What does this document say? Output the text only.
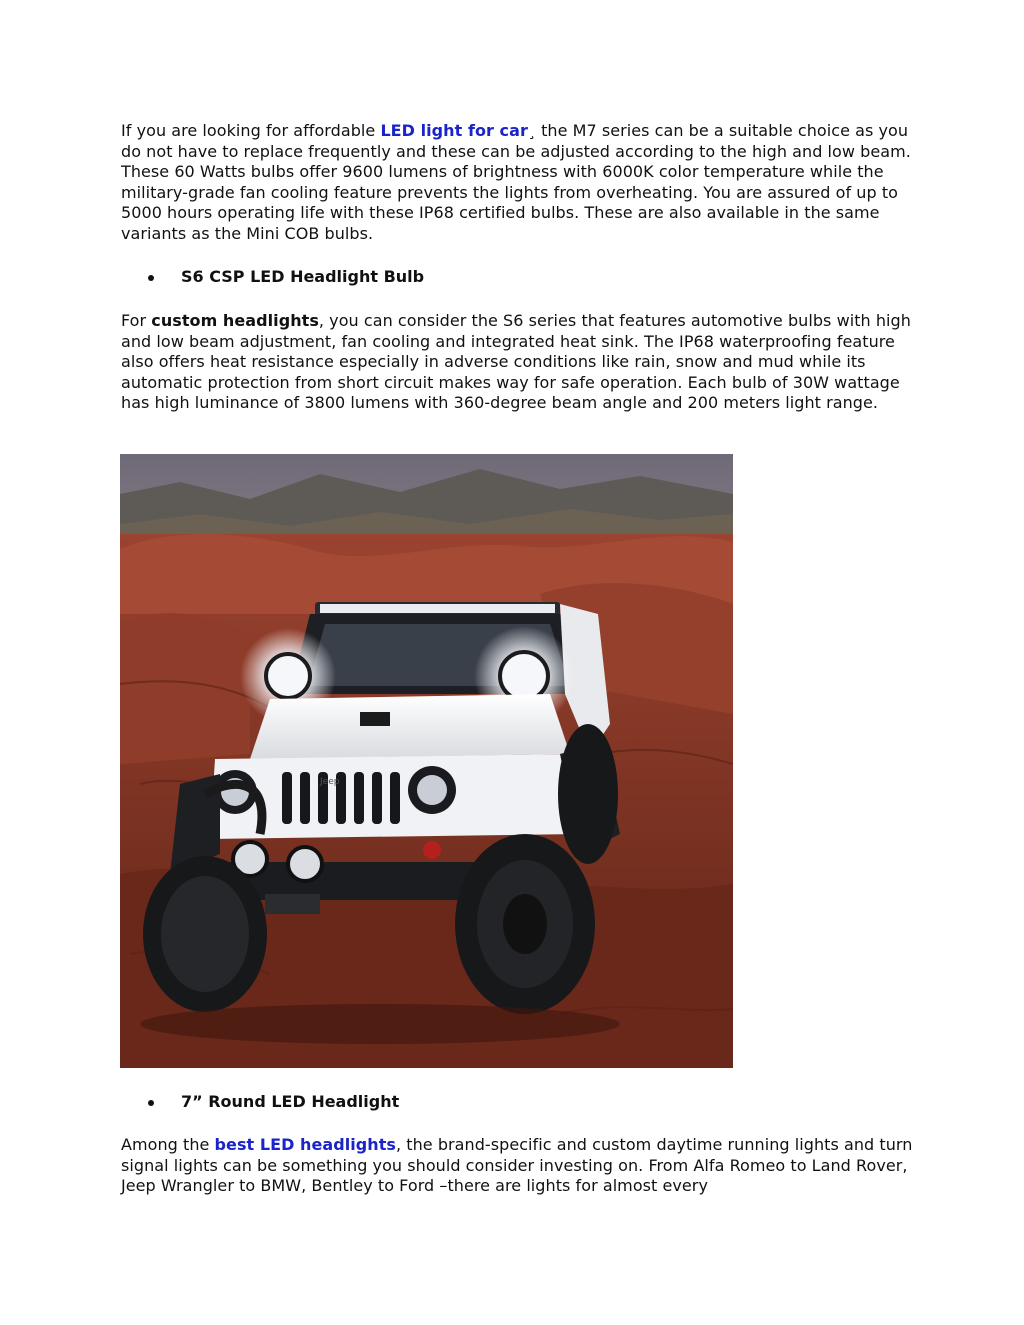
If you are looking for affordable LED light for car¸ the M7 series can be a suitable choice as you do not have to replace frequently and these can be adjusted according to the high and low beam. These 60 Watts bulbs offer 9600 lumens of brightness with 6000K color temperature while the military-grade fan cooling feature prevents the lights from overheating. You are assured of up to 5000 hours operating life with these IP68 certified bulbs. These are also available in the same variants as the Mini COB bulbs.

S6 CSP LED Headlight Bulb

For custom headlights, you can consider the S6 series that features automotive bulbs with high and low beam adjustment, fan cooling and integrated heat sink. The IP68 waterproofing feature also offers heat resistance especially in adverse conditions like rain, snow and mud while its automatic protection from short circuit makes way for safe operation. Each bulb of 30W wattage has high luminance of 3800 lumens with 360-degree beam angle and 200 meters light range.

Jeep
7” Round LED Headlight

Among the best LED headlights, the brand-specific and custom daytime running lights and turn signal lights can be something you should consider investing on. From Alfa Romeo to Land Rover, Jeep Wrangler to BMW, Bentley to Ford –there are lights for almost every
